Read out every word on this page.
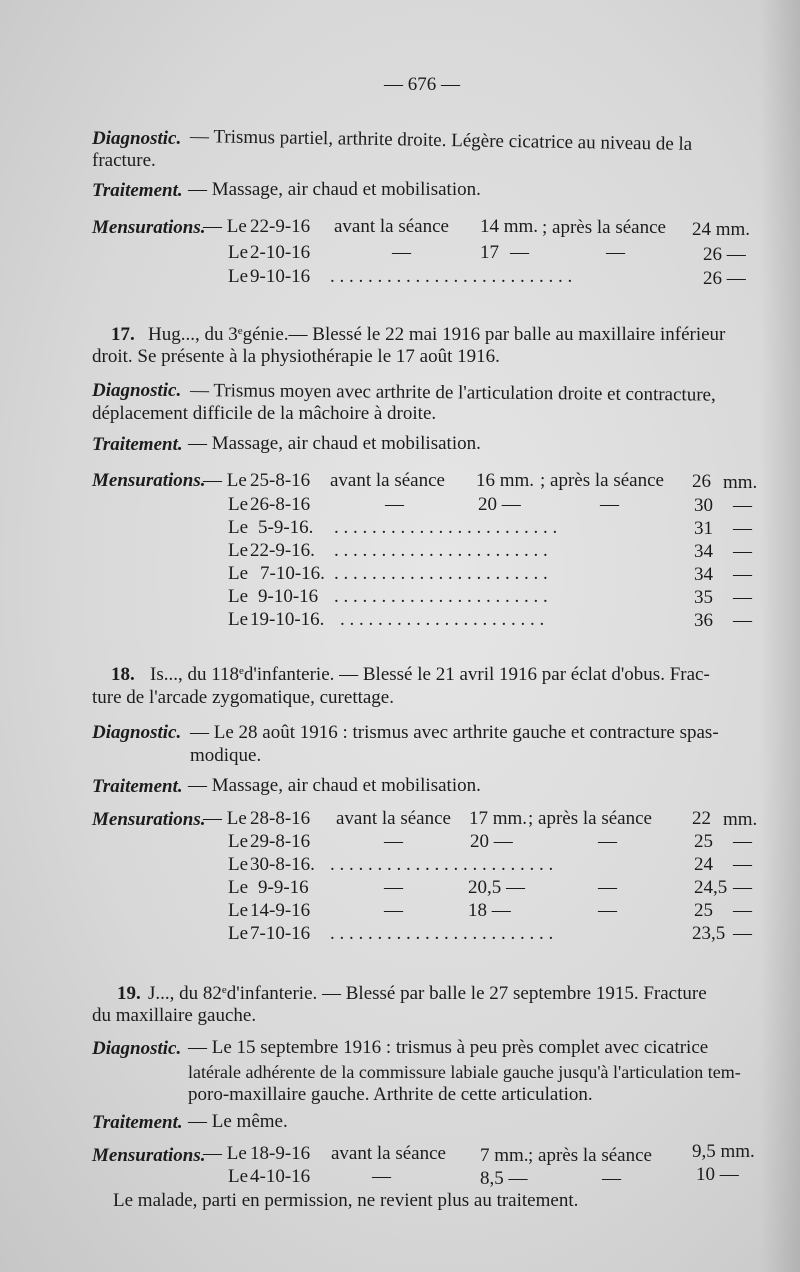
— 676 —
Diagnostic. — Trismus partiel, arthrite droite. Légère cicatrice au niveau de la
fracture.
Traitement. — Massage, air chaud et mobilisation.
Mensurations.
— Le 22-9-16 avant la séance 14 mm. ; après la séance 24 mm.
Le 2-10-16	—	17 —	—	26 —
Le 9-10-16 . . . . . . . . . . . . . . . . . . . . . . . . . .	26 —
17. Hug..., du 3egénie.— Blessé le 22 mai 1916 par balle au maxillaire inférieur
droit. Se présente à la physiothérapie le 17 août 1916.
Diagnostic. — Trismus moyen avec arthrite de l'articulation droite et contracture,
déplacement difficile de la mâchoire à droite.
Traitement. — Massage, air chaud et mobilisation.
Mensurations.
— Le 25-8-16 avant la séance 16 mm. ; après la séance 26 mm.
Le 26-8-16	—	20 —	—	30 —
Le 5-9-16. . . . . . . . . . . . . . . . . . . . . . . . .	31 —
Le 22-9-16. . . . . . . . . . . . . . . . . . . . . . . .	34 —
Le 7-10-16. . . . . . . . . . . . . . . . . . . . . . . .	34 —
Le 9-10-16 . . . . . . . . . . . . . . . . . . . . . . .	35 —
Le 19-10-16. . . . . . . . . . . . . . . . . . . . . . .	36 —
18. Is..., du 118ed'infanterie. — Blessé le 21 avril 1916 par éclat d'obus. Frac-
ture de l'arcade zygomatique, curettage.
Diagnostic. — Le 28 août 1916 : trismus avec arthrite gauche et contracture spas-
modique.
Traitement. — Massage, air chaud et mobilisation.
Mensurations.
— Le 28-8-16 avant la séance 17 mm. ; après la séance 22 mm.
Le 29-8-16	—	20 —	—	25 —
Le 30-8-16. . . . . . . . . . . . . . . . . . . . . . . . .	24 —
Le 9-9-16	—	20,5 —	—	24,5 —
Le 14-9-16	—	18 —	—	25 —
Le 7-10-16 . . . . . . . . . . . . . . . . . . . . . . . .	23,5 —
19. J..., du 82ed'infanterie. — Blessé par balle le 27 septembre 1915. Fracture
du maxillaire gauche.
Diagnostic. — Le 15 septembre 1916 : trismus à peu près complet avec cicatrice
latérale adhérente de la commissure labiale gauche jusqu'à l'articulation tem-
poro-maxillaire gauche. Arthrite de cette articulation.
Traitement. — Le même.
Mensurations.
— Le 18-9-16 avant la séance 7 mm. ; après la séance 9,5 mm.
Le 4-10-16	—	8,5 —	—	10 —
Le malade, parti en permission, ne revient plus au traitement.
